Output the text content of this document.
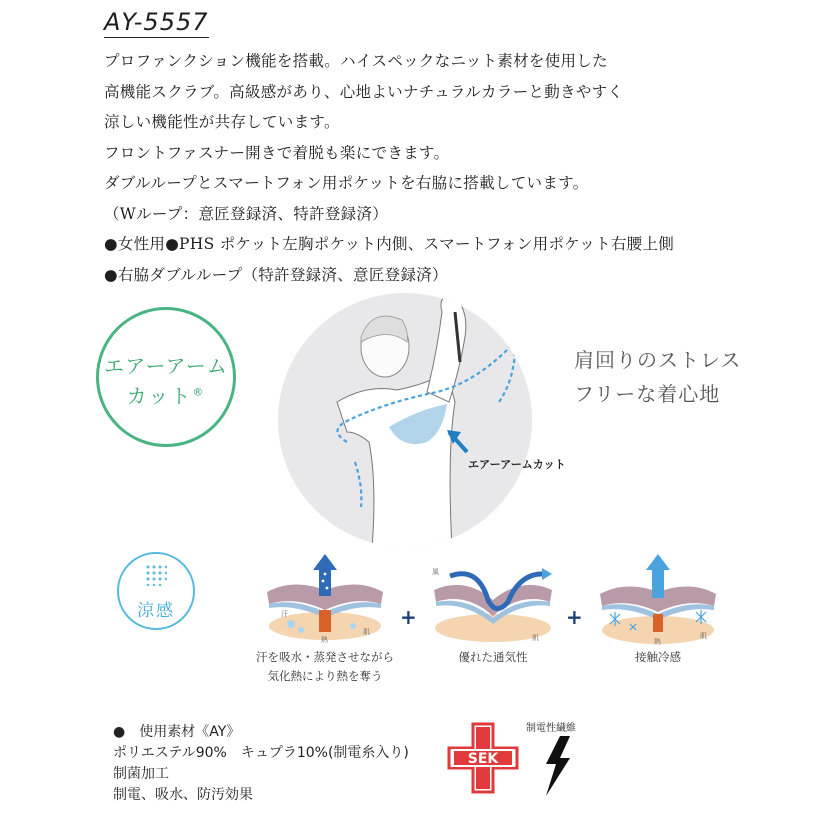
AY-5557
プロファンクション機能を搭載。ハイスペックなニット素材を使用した
高機能スクラブ。高級感があり、心地よいナチュラルカラーと動きやすく
涼しい機能性が共存しています。
フロントファスナー開きで着脱も楽にできます。
ダブルループとスマートフォン用ポケットを右脇に搭載しています。
（Wループ：意匠登録済、特許登録済）
●女性用●PHS ポケット左胸ポケット内側、スマートフォン用ポケット右腰上側
●右脇ダブルループ（特許登録済、意匠登録済）
エアーアーム
カット®
肩回りのストレス
フリーな着心地
エアーアームカット
涼感	汗
熱
肌
汗を吸水・蒸発させながら
気化熱により熱を奪う
+
風
肌
優れた通気性
+
熱
肌
接触冷感
●　使用素材《AY》
ポリエステル90%　キュプラ10%(制電糸入り)
制菌加工
制電、吸水、防汚効果
SEK
制電性繊維
